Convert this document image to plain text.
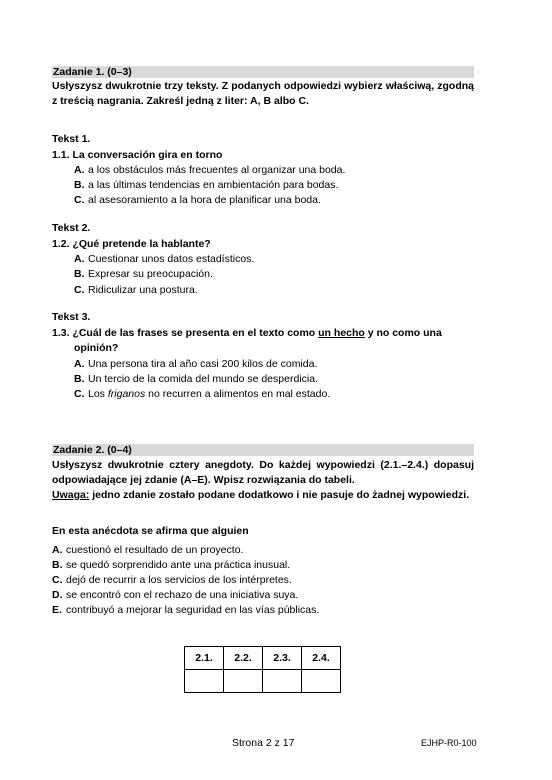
Zadanie 1. (0–3)
Usłyszysz dwukrotnie trzy teksty. Z podanych odpowiedzi wybierz właściwą, zgodną
z treścią nagrania. Zakreśl jedną z liter: A, B albo C.
Tekst 1.
1.1. La conversación gira en torno
A. a los obstáculos más frecuentes al organizar una boda.
B. a las últimas tendencias en ambientación para bodas.
C. al asesoramiento a la hora de planificar una boda.
Tekst 2.
1.2. ¿Qué pretende la hablante?
A. Cuestionar unos datos estadísticos.
B. Expresar su preocupación.
C. Ridiculizar una postura.
Tekst 3.
1.3. ¿Cuál de las frases se presenta en el texto como un hecho y no como una
opinión?
A. Una persona tira al año casi 200 kilos de comida.
B. Un tercio de la comida del mundo se desperdicia.
C. Los friganos no recurren a alimentos en mal estado.
Zadanie 2. (0–4)
Usłyszysz dwukrotnie cztery anegdoty. Do każdej wypowiedzi (2.1.–2.4.) dopasuj
odpowiadające jej zdanie (A–E). Wpisz rozwiązania do tabeli.
Uwaga: jedno zdanie zostało podane dodatkowo i nie pasuje do żadnej wypowiedzi.
En esta anécdota se afirma que alguien
A. cuestionó el resultado de un proyecto.
B. se quedó sorprendido ante una práctica inusual.
C. dejó de recurrir a los servicios de los intérpretes.
D. se encontró con el rechazo de una iniciativa suya.
E. contribuyó a mejorar la seguridad en las vías públicas.
2.1.	2.2.	2.3.	2.4.

Strona 2 z 17	EJHP-R0-100
